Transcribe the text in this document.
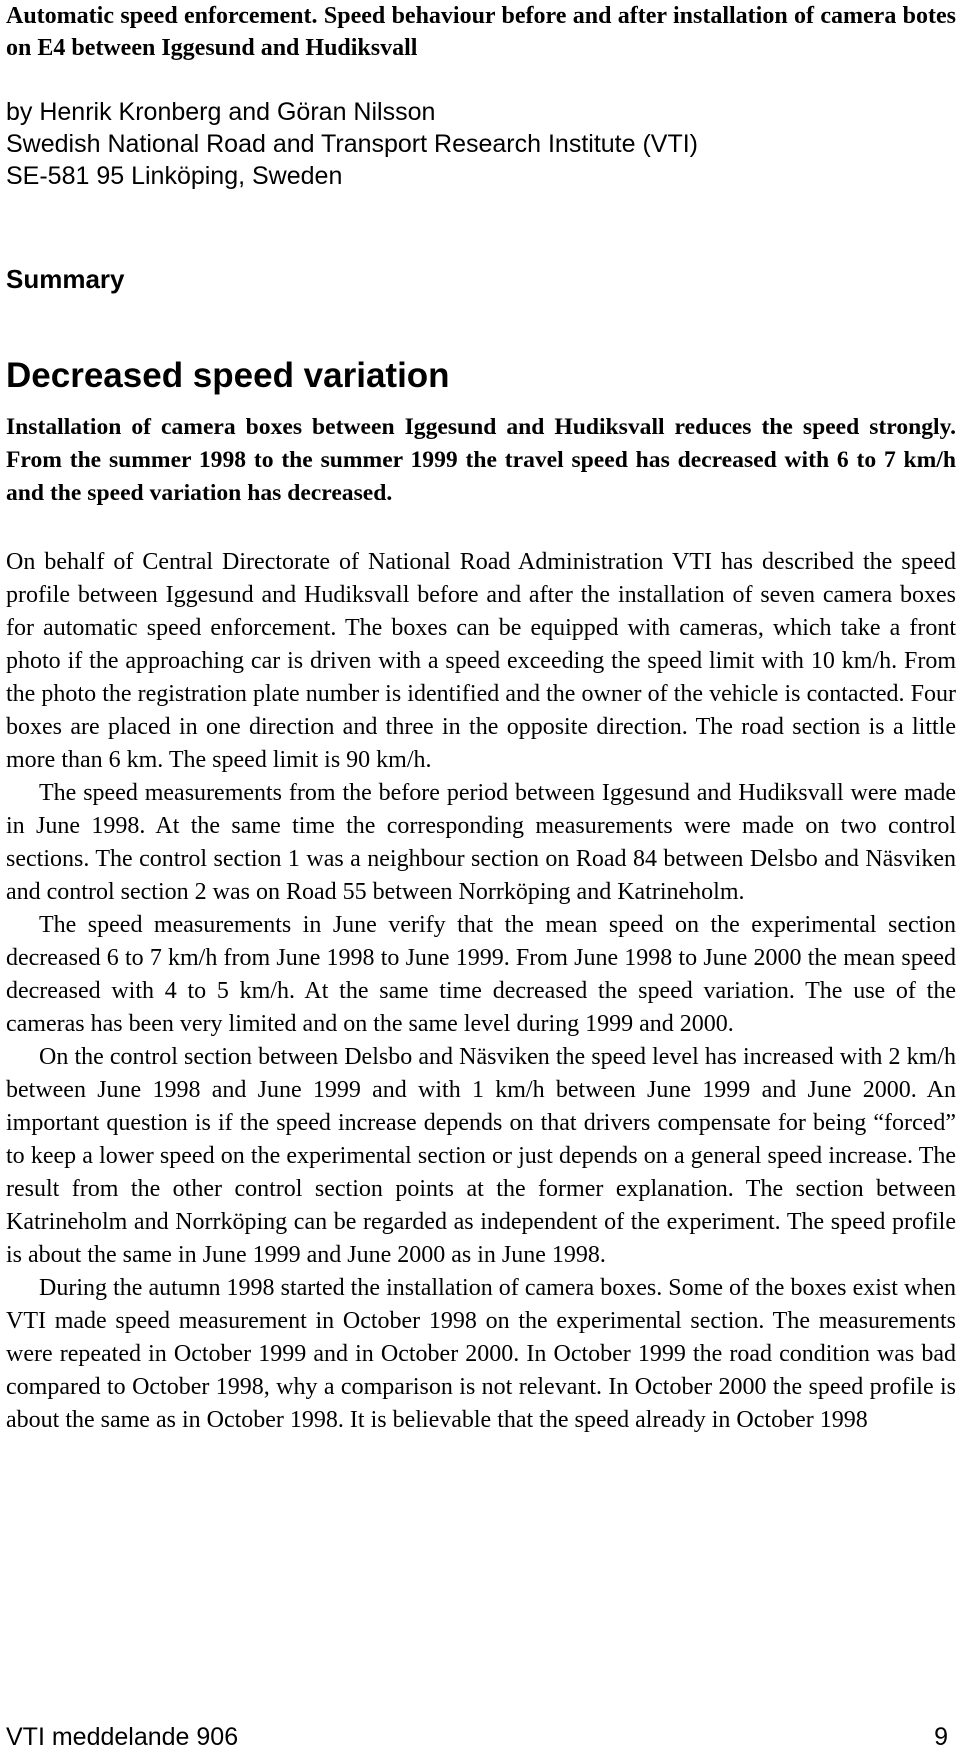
Automatic speed enforcement. Speed behaviour before and after installation of camera botes on E4 between Iggesund and Hudiksvall
by Henrik Kronberg and Göran Nilsson
Swedish National Road and Transport Research Institute (VTI)
SE-581 95 Linköping, Sweden
Summary
Decreased speed variation
Installation of camera boxes between Iggesund and Hudiksvall reduces the speed strongly. From the summer 1998 to the summer 1999 the travel speed has decreased with 6 to 7 km/h and the speed variation has decreased.

On behalf of Central Directorate of National Road Administration VTI has described the speed profile between Iggesund and Hudiksvall before and after the installation of seven camera boxes for automatic speed enforcement. The boxes can be equipped with cameras, which take a front photo if the approaching car is driven with a speed exceeding the speed limit with 10 km/h. From the photo the registration plate number is identified and the owner of the vehicle is contacted. Four boxes are placed in one direction and three in the opposite direction. The road section is a little more than 6 km. The speed limit is 90 km/h.

The speed measurements from the before period between Iggesund and Hudiksvall were made in June 1998. At the same time the corresponding measurements were made on two control sections. The control section 1 was a neighbour section on Road 84 between Delsbo and Näsviken and control section 2 was on Road 55 between Norrköping and Katrineholm.

The speed measurements in June verify that the mean speed on the experimental section decreased 6 to 7 km/h from June 1998 to June 1999. From June 1998 to June 2000 the mean speed decreased with 4 to 5 km/h. At the same time decreased the speed variation. The use of the cameras has been very limited and on the same level during 1999 and 2000.

On the control section between Delsbo and Näsviken the speed level has increased with 2 km/h between June 1998 and June 1999 and with 1 km/h between June 1999 and June 2000. An important question is if the speed increase depends on that drivers compensate for being “forced” to keep a lower speed on the experimental section or just depends on a general speed increase. The result from the other control section points at the former explanation. The section between Katrineholm and Norrköping can be regarded as independent of the experiment. The speed profile is about the same in June 1999 and June 2000 as in June 1998.

During the autumn 1998 started the installation of camera boxes. Some of the boxes exist when VTI made speed measurement in October 1998 on the experimental section. The measurements were repeated in October 1999 and in October 2000. In October 1999 the road condition was bad compared to October 1998, why a comparison is not relevant. In October 2000 the speed profile is about the same as in October 1998. It is believable that the speed already in October 1998

VTI meddelande 906	9
